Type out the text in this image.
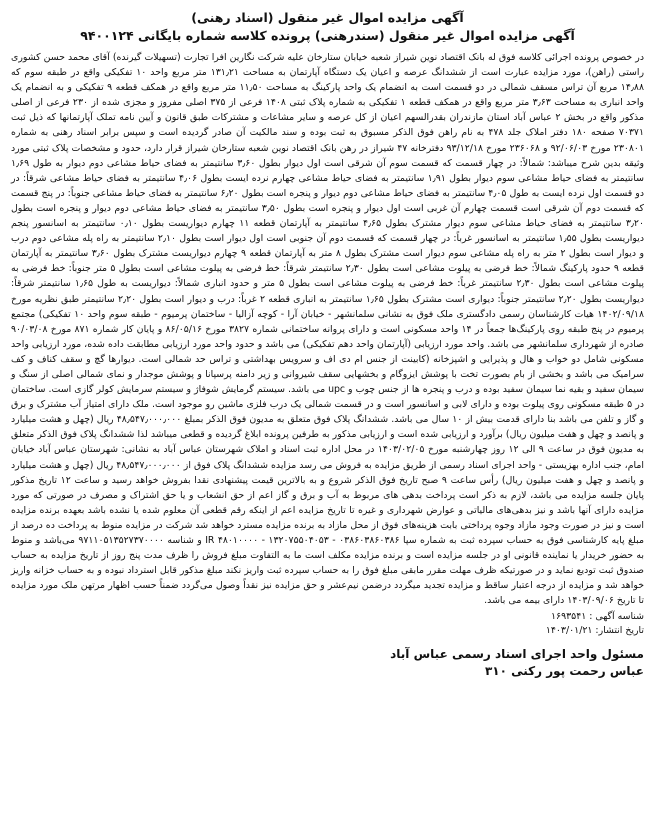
آگهی مزایده اموال غیر منقول (اسناد رهنی)
آگهی مزایده اموال غیر منقول (سندرهنی) پرونده کلاسه شماره بایگانی ۹۴۰۰۱۲۴

در خصوص پرونده اجرائی کلاسه فوق له بانک اقتصاد نوین شیراز شعبه خیابان ستارخان علیه شرکت نگارین افرا تجارت (تسهیلات گیرنده) آقای محمد حسن کشوری راستی (راهن)، مورد مزایده عبارت است از ششدانگ عرصه و اعیان یک دستگاه آپارتمان به مساحت ۱۳۱٫۲۱ متر مربع واحد ۱۰ تفکیکی واقع در طبقه سوم که ۱۴٫۸۸ مربع آن تراس مسقف شمالی در دو قسمت است به انضمام یک واحد پارکینگ به مساحت ۱۱٫۵۰ متر مربع واقع در همکف قطعه ۹ تفکیکی و به انضمام یک واحد انباری به مساحت ۳٫۶۳ متر مربع واقع در همکف قطعه ۱ تفکیکی به شماره پلاک ثبتی ۱۴۰۸ فرعی از ۳۷۵ اصلی مفروز و مجزی شده از ۲۳۰ فرعی از اصلی مذکور واقع در بخش ۲ عباس آباد استان مازندران بقدرالسهم اعیان از کل عرصه و سایر مشاعات و مشترکات طبق قانون و آیین نامه تملک آپارتمانها که ذیل ثبت ۷۰۳۷۱ صفحه ۱۸۰ دفتر املاک جلد ۴۷۸ به نام راهن فوق الذکر مسبوق به ثبت بوده و سند مالکیت آن صادر گردیده است و سپس برابر اسناد رهنی به شماره ۲۳۰۸۰۱ مورخ ۹۲/۰۶/۰۳ و ۲۳۶۰۶۸ مورخ ۹۳/۱۲/۱۸ دفترخانه ۴۷ شیراز در رهن بانک اقتصاد نوین شعبه ستارخان شیراز قرار دارد، حدود و مشخصات پلاک ثبتی مورد وثیقه بدین شرح میباشد: شمالاً: در چهار قسمت که قسمت سوم آن شرقی است اول دیوار بطول ۳٫۶۰ سانتیمتر به فضای حیاط مشاعی دوم دیوار به طول ۱٫۶۹ سانتیمتر به فضای حیاط مشاعی سوم دیوار بطول ۱٫۹۱ سانتیمتر به فضای حیاط مشاعی چهارم نرده ایست بطول ۴٫۰۶ سانتیمتر به فضای حیاط مشاعی شرقاً: در دو قسمت اول نرده ایست به طول ۴٫۰۵ سانتیمتر به فضای حیاط مشاعی دوم دیوار و پنجره است بطول ۶٫۲۰ سانتیمتر به فضای حیاط مشاعی جنوباً: در پنج قسمت که قسمت دوم آن شرقی است قسمت چهارم آن غربی است اول دیوار و پنجره است بطول ۳٫۵۰ سانتیمتر به فضای حیاط مشاعی دوم دیوار و پنجره است بطول ۳٫۲۰ سانتیمتر به فضای حیاط مشاعی سوم دیوار مشترک بطول ۴٫۶۵ سانتیمتر به آپارتمان قطعه ۱۱ چهارم دیواریست بطول ۰٫۱۰ سانتیمتر به اسانسور پنجم دیواریست بطول ۱٫۵۵ سانتیمتر به اسانسور غرباً: در چهار قسمت که قسمت دوم آن جنوبی است اول دیوار است بطول ۲٫۱۰ سانتیمتر به راه پله مشاعی دوم درب و دیوار است بطول ۲ متر به راه پله مشاعی سوم دیوار است مشترک بطول ۸ متر به آپارتمان قطعه ۹ چهارم دیواریست مشترک بطول ۳٫۶۰ سانتیمتر به آپارتمان قطعه ۹ حدود پارکینگ شمالاً: خط فرضی به پیلوت مشاعی است بطول ۲٫۳۰ سانتیمتر شرقاً: خط فرضی به پیلوت مشاعی است بطول ۵ متر جنوباً: خط فرضی به پیلوت مشاعی است بطول ۲٫۳۰ سانتیمتر غرباً: خط فرضی به پیلوت مشاعی است بطول ۵ متر و حدود انباری شمالاً: دیواریست به طول ۱٫۶۵ سانتیمتر شرقاً: دیواریست بطول ۲٫۲۰ سانتیمتر جنوباً: دیواری است مشترک بطول ۱٫۶۵ سانتیمتر به انباری قطعه ۲ غرباً: درب و دیوار است بطول ۲٫۲۰ سانتیمتر طبق نظریه مورخ ۱۴۰۲/۰۹/۱۸ هیات کارشناسان رسمی دادگستری ملک فوق به نشانی سلمانشهر - خیابان آرا - کوچه آزالیا - ساختمان پرمیوم - طبقه سوم واحد ۱۰ تفکیکی) مجتمع پرمیوم در پنج طبقه روی پارکینگ‌ها جمعاً در ۱۴ واحد مسکونی است و دارای پروانه ساختمانی شماره ۳۸۲۷ مورخ ۸۶/۰۵/۱۶ و پایان کار شماره ۸۷۱ مورخ ۹۰/۰۳/۰۸ صادره از شهرداری سلمانشهر می باشد. واحد مورد ارزیابی (آپارتمان واحد دهم تفکیکی) می باشد و حدود واحد مورد ارزیابی مطابقت داده شده، مورد ارزیابی واحد مسکونی شامل دو خواب و هال و پذیرایی و اشپزخانه (کابینت از جنس ام دی اف و سرویس بهداشتی و تراس حد شمالی است. دیوارها گچ و سقف کناف و کف سرامیک می باشد و بخشی از بام بصورت تخت با پوشش ایزوگام و بخشهایی سقف شیروانی و زیر دامنه پرسپانا و پوشش موجدار و نمای شمالی اصلی از سنگ و سیمان سفید و بقیه نما سیمان سفید بوده و درب و پنجره ها از جنس چوب و upc می باشد. سیستم گرمایش شوفاژ و سیستم سرمایش کولر گازی است. ساختمان در ۵ طبقه مسکونی روی پیلوت بوده و دارای لابی و اسانسور است و در قسمت شمالی یک درب فلزی ماشین رو موجود است. ملک دارای امتیاز آب مشترک و برق و گاز و تلفن می باشد بنا دارای قدمت بیش از ۱۰ سال می باشد. ششدانگ پلاک فوق متعلق به مدیون فوق الذکر بمبلغ ۴۸٫۵۴۷٫۰۰۰٫۰۰۰ ریال (چهل و هشت میلیارد و پانصد و چهل و هفت میلیون ریال) برآورد و ارزیابی شده است و ارزیابی مذکور به طرفین پرونده ابلاغ گردیده و قطعی میباشد لذا ششدانگ پلاک فوق الذکر متعلق به مدیون فوق در ساعت ۹ الی ۱۲ روز چهارشنبه مورخ ۱۴۰۳/۰۲/۰۵ در محل اداره ثبت اسناد و املاک شهرستان عباس آباد به نشانی: شهرستان عباس آباد خیابان امام، جنب اداره بهزیستی - واحد اجرای اسناد رسمی از طریق مزایده به فروش می رسد مزایده ششدانگ پلاک فوق از ۴۸٫۵۴۷٫۰۰۰٫۰۰۰ ریال (چهل و هشت میلیارد و پانصد و چهل و هفت میلیون ریال) رأس ساعت ۹ صبح تاریخ فوق الذکر شروع و به بالاترین قیمت پیشنهادی نقدا بفروش خواهد رسید و ساعت ۱۲ تاریخ مذکور پایان جلسه مزایده می باشد، لازم به ذکر است پرداخت بدهی های مربوط به آب و برق و گاز اعم از حق انشعاب و یا حق اشتراک و مصرف در صورتی که مورد مزایده دارای آنها باشد و نیز بدهی‌های مالیاتی و عوارض شهرداری و غیره تا تاریخ مزایده اعم از اینکه رقم قطعی آن معلوم شده یا نشده باشد بعهده برنده مزایده است و نیز در صورت وجود مازاد وجوه پرداختی بابت هزینه‌های فوق از محل مازاد به برنده مزایده مسترد خواهد شد شرکت در مزایده منوط به پرداخت ده درصد از مبلغ پایه کارشناسی فوق به حساب سپرده ثبت به شماره سپا ۰۳۸۶۰۳۸۶۰۳۸۶ - ۱۳۲۰۷۵۵۰۴۰۵۳ - ۴۸۰۱۰۰۰۰ IR و شناسه ۹۷۱۱۰۵۱۳۵۲۷۳۷۰۰۰۰ می‌باشد و منوط به حضور خریدار یا نماینده قانونی او در جلسه مزایده است و برنده مزایده مکلف است ما به التفاوت مبلغ فروش را ظرف مدت پنج روز از تاریخ مزایده به حساب صندوق ثبت تودیع نماید و در صورتیکه ظرف مهلت مقرر مابقی مبلغ فوق را به حساب سپرده ثبت واریز نکند مبلغ مذکور قابل استرداد نبوده و به حساب خزانه واریز خواهد شد و مزایده از درجه اعتبار ساقط و مزایده تجدید میگردد درضمن نیم‌عشر و حق مزایده نیز نقداً وصول می‌گردد ضمناً حسب اظهار مرتهن ملک مورد مزایده تا تاریخ ۱۴۰۳/۰۹/۰۶ دارای بیمه می باشد.

شناسه آگهی : ۱۶۹۳۵۴۱
تاریخ انتشار: ۱۴۰۳/۰۱/۲۱
مسئول واحد اجرای اسناد رسمی عباس آباد
عباس رحمت پور رکنی ۳۱۰
